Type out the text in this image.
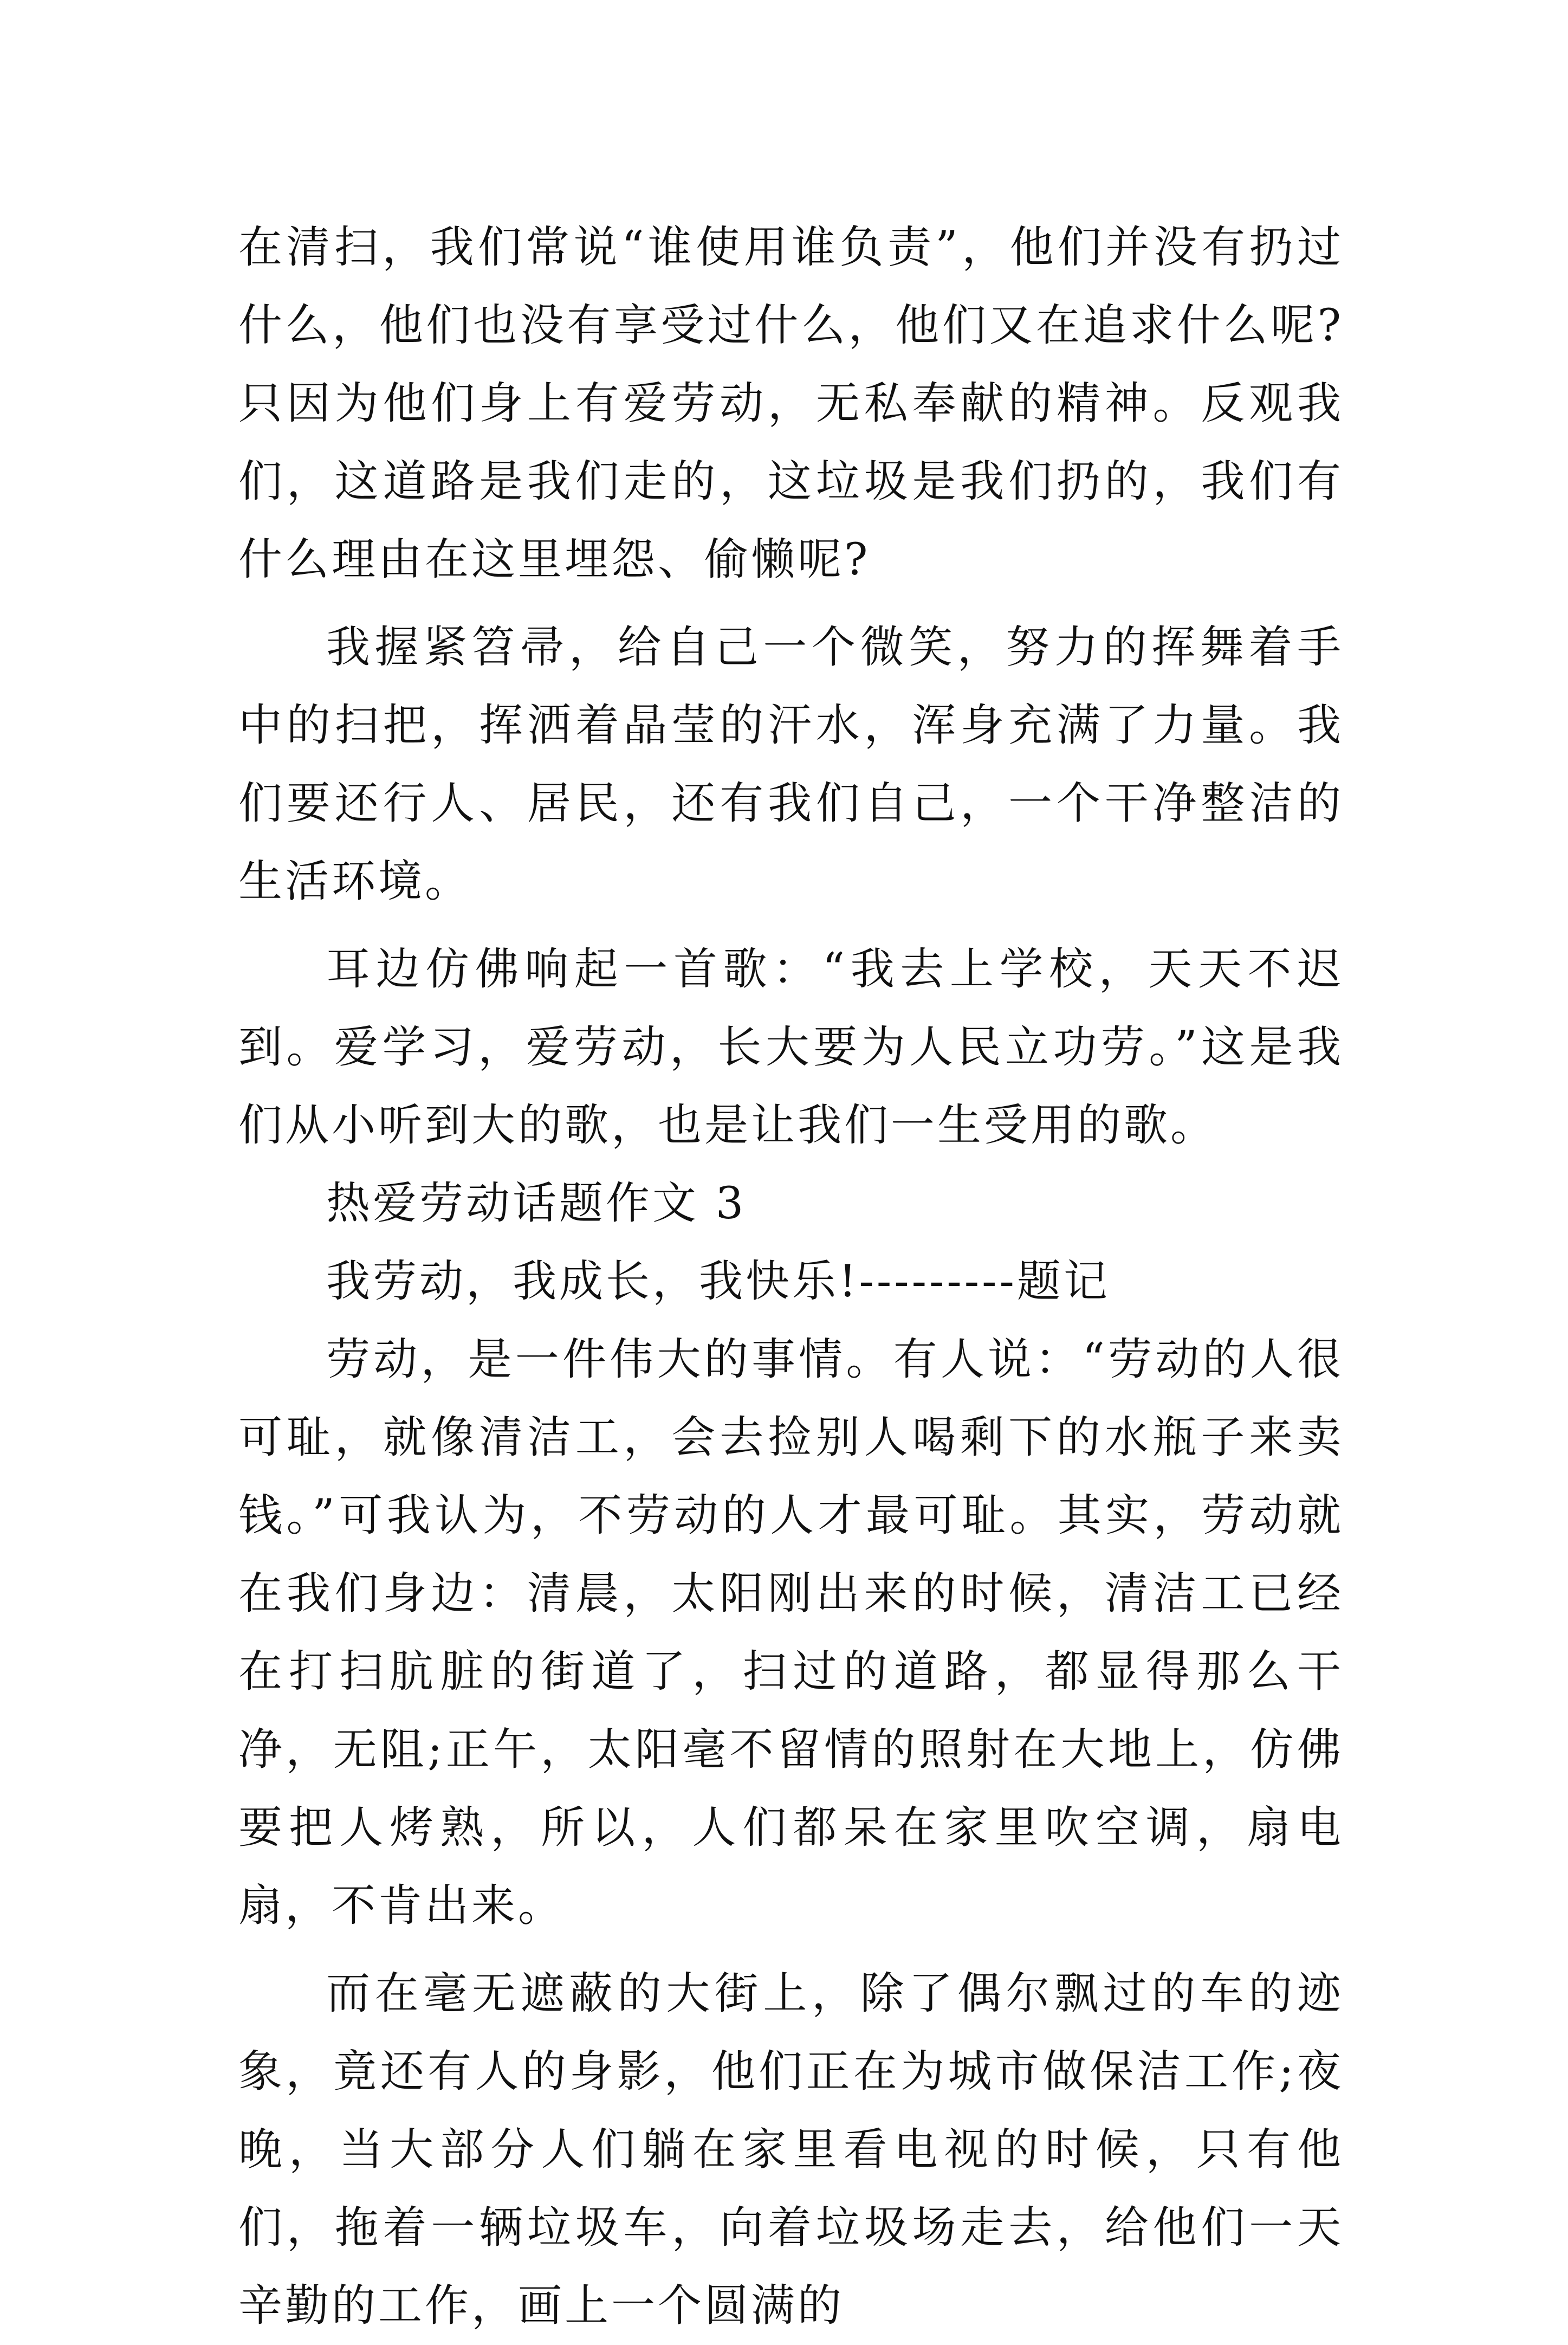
在清扫，我们常说“谁使用谁负责”，他们并没有扔过什么，他们也没有享受过什么，他们又在追求什么呢?只因为他们身上有爱劳动，无私奉献的精神。反观我们，这道路是我们走的，这垃圾是我们扔的，我们有什么理由在这里埋怨、偷懒呢?

我握紧笤帚，给自己一个微笑，努力的挥舞着手中的扫把，挥洒着晶莹的汗水，浑身充满了力量。我们要还行人、居民，还有我们自己，一个干净整洁的生活环境。

耳边仿佛响起一首歌：“我去上学校，天天不迟到。爱学习，爱劳动，长大要为人民立功劳。”这是我们从小听到大的歌，也是让我们一生受用的歌。

热爱劳动话题作文 3

我劳动，我成长，我快乐!---------题记

劳动，是一件伟大的事情。有人说：“劳动的人很可耻，就像清洁工，会去捡别人喝剩下的水瓶子来卖钱。”可我认为，不劳动的人才最可耻。其实，劳动就在我们身边：清晨，太阳刚出来的时候，清洁工已经在打扫肮脏的街道了，扫过的道路，都显得那么干净，无阻;正午，太阳毫不留情的照射在大地上，仿佛要把人烤熟，所以，人们都呆在家里吹空调，扇电扇，不肯出来。

而在毫无遮蔽的大街上，除了偶尔飘过的车的迹象，竟还有人的身影，他们正在为城市做保洁工作;夜晚，当大部分人们躺在家里看电视的时候，只有他们，拖着一辆垃圾车，向着垃圾场走去，给他们一天辛勤的工作，画上一个圆满的
